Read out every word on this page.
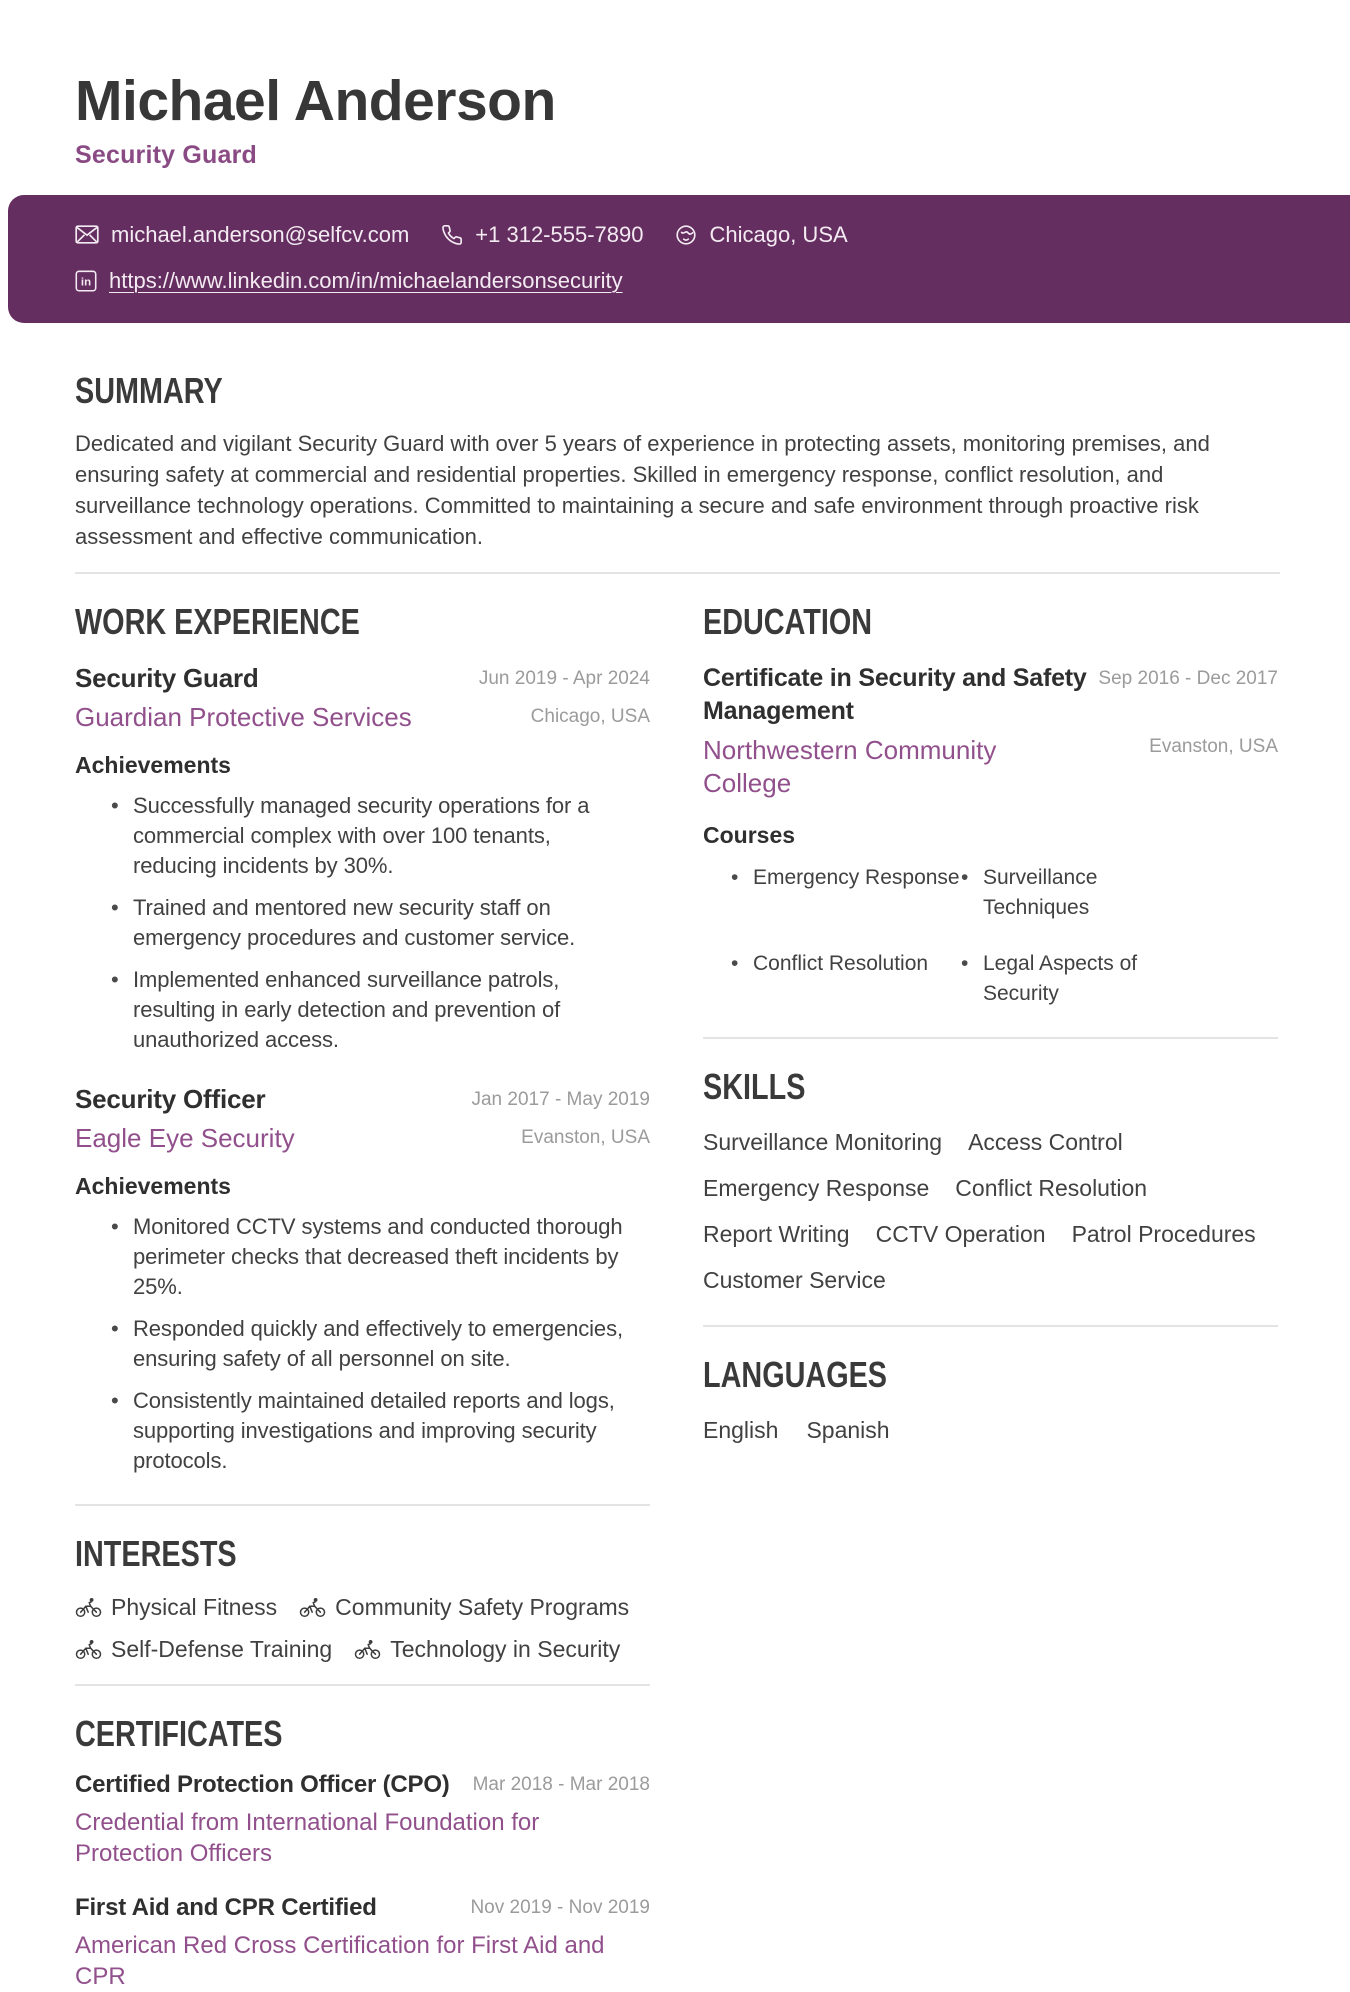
Michael Anderson
Security Guard
michael.anderson@selfcv.com	+1 312-555-7890	Chicago, USA
in https://www.linkedin.com/in/michaelandersonsecurity
SUMMARY
Dedicated and vigilant Security Guard with over 5 years of experience in protecting assets, monitoring premises, and ensuring safety at commercial and residential properties. Skilled in emergency response, conflict resolution, and surveillance technology operations. Committed to maintaining a secure and safe environment through proactive risk assessment and effective communication.
WORK EXPERIENCE
Security Guard
Guardian Protective Services
Jun 2019 - Apr 2024
Chicago, USA
Achievements
• Successfully managed security operations for a commercial complex with over 100 tenants, reducing incidents by 30%.
• Trained and mentored new security staff on emergency procedures and customer service.
• Implemented enhanced surveillance patrols, resulting in early detection and prevention of unauthorized access.
Security Officer
Eagle Eye Security
Jan 2017 - May 2019
Evanston, USA
Achievements
• Monitored CCTV systems and conducted thorough perimeter checks that decreased theft incidents by 25%.
• Responded quickly and effectively to emergencies, ensuring safety of all personnel on site.
• Consistently maintained detailed reports and logs, supporting investigations and improving security protocols.
INTERESTS
Physical Fitness	Community Safety Programs
Self-Defense Training	Technology in Security
CERTIFICATES
Certified Protection Officer (CPO)	Mar 2018 - Mar 2018
Credential from International Foundation for Protection Officers
First Aid and CPR Certified	Nov 2019 - Nov 2019
American Red Cross Certification for First Aid and CPR
EDUCATION
Certificate in Security and Safety Management
Northwestern Community College
Sep 2016 - Dec 2017
Evanston, USA
Courses
• Emergency Response	• Surveillance Techniques
• Conflict Resolution	• Legal Aspects of Security
SKILLS
Surveillance Monitoring Access Control
Emergency Response Conflict Resolution
Report Writing CCTV Operation Patrol Procedures
Customer Service
LANGUAGES
English Spanish
